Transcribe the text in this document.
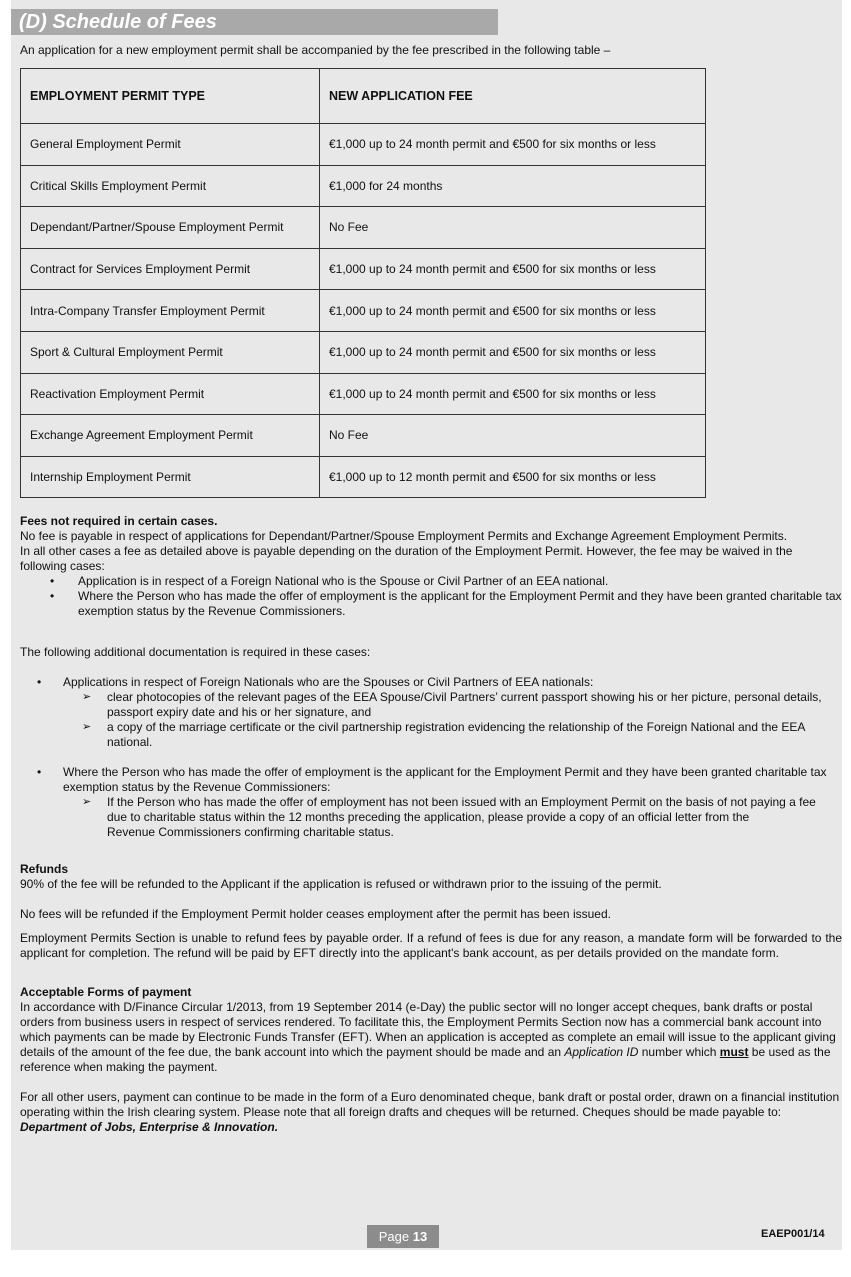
(D) Schedule of Fees
An application for a new employment permit shall be accompanied by the fee prescribed in the following table –
EMPLOYMENT PERMIT TYPE	NEW APPLICATION FEE
General Employment Permit	€1,000 up to 24 month permit and €500 for six months or less
Critical Skills Employment Permit	€1,000 for 24 months
Dependant/Partner/Spouse Employment Permit	No Fee
Contract for Services Employment Permit	€1,000 up to 24 month permit and €500 for six months or less
Intra-Company Transfer Employment Permit	€1,000 up to 24 month permit and €500 for six months or less
Sport & Cultural Employment Permit	€1,000 up to 24 month permit and €500 for six months or less
Reactivation Employment Permit	€1,000 up to 24 month permit and €500 for six months or less
Exchange Agreement Employment Permit	No Fee
Internship Employment Permit	€1,000 up to 12 month permit and €500 for six months or less

Fees not required in certain cases.

No fee is payable in respect of applications for Dependant/Partner/Spouse Employment Permits and Exchange Agreement Employment Permits.

In all other cases a fee as detailed above is payable depending on the duration of the Employment Permit. However, the fee may be waived in the following cases:

• Application is in respect of a Foreign National who is the Spouse or Civil Partner of an EEA national.
• Where the Person who has made the offer of employment is the applicant for the Employment Permit and they have been granted charitable tax exemption status by the Revenue Commissioners.

The following additional documentation is required in these cases:

• Applications in respect of Foreign Nationals who are the Spouses or Civil Partners of EEA nationals:
➢ clear photocopies of the relevant pages of the EEA Spouse/Civil Partners’ current passport showing his or her picture, personal details, passport expiry date and his or her signature, and
➢ a copy of the marriage certificate or the civil partnership registration evidencing the relationship of the Foreign National and the EEA national.
• Where the Person who has made the offer of employment is the applicant for the Employment Permit and they have been granted charitable tax exemption status by the Revenue Commissioners:
➢ If the Person who has made the offer of employment has not been issued with an Employment Permit on the basis of not paying a fee due to charitable status within the 12 months preceding the application, please provide a copy of an official letter from the
Revenue Commissioners confirming charitable status.

Refunds

90% of the fee will be refunded to the Applicant if the application is refused or withdrawn prior to the issuing of the permit.

No fees will be refunded if the Employment Permit holder ceases employment after the permit has been issued.

Employment Permits Section is unable to refund fees by payable order. If a refund of fees is due for any reason, a mandate form will be forwarded to the applicant for completion. The refund will be paid by EFT directly into the applicant's bank account, as per details provided on the mandate form.

Acceptable Forms of payment

In accordance with D/Finance Circular 1/2013, from 19 September 2014 (e-Day) the public sector will no longer accept cheques, bank drafts or postal orders from business users in respect of services rendered. To facilitate this, the Employment Permits Section now has a commercial bank account into which payments can be made by Electronic Funds Transfer (EFT). When an application is accepted as complete an email will issue to the applicant giving details of the amount of the fee due, the bank account into which the payment should be made and an Application ID number which must be used as the reference when making the payment.

For all other users, payment can continue to be made in the form of a Euro denominated cheque, bank draft or postal order, drawn on a financial institution operating within the Irish clearing system. Please note that all foreign drafts and cheques will be returned. Cheques should be made payable to: Department of Jobs, Enterprise & Innovation.

Page 13	EAEP001/14
